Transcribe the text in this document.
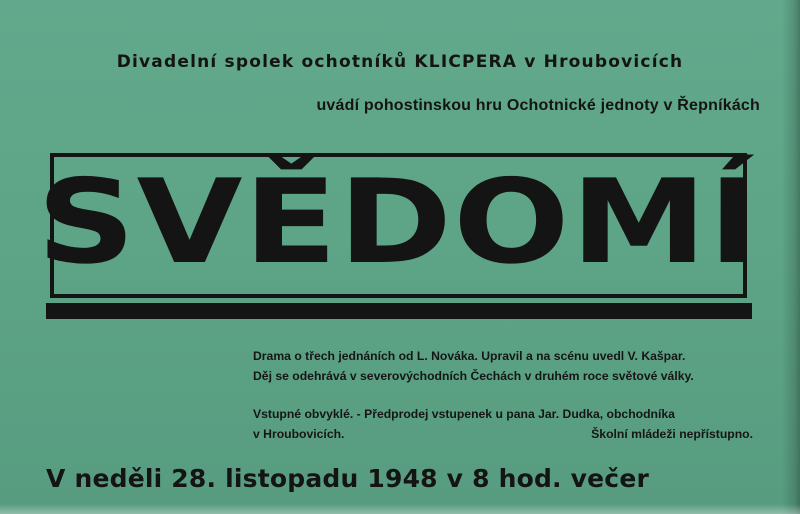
Divadelní spolek ochotníků KLICPERA v Hroubovicích
uvádí pohostinskou hru Ochotnické jednoty v Řepníkách
SVĚDOMÍ
Drama o třech jednáních od L. Nováka. Upravil a na scénu uvedl V. Kašpar.
Děj se odehrává v severovýchodních Čechách v druhém roce světové války.
Vstupné obvyklé. - Předprodej vstupenek u pana Jar. Dudka, obchodníka
v Hroubovicích.	Školní mládeži nepřístupno.
V neděli 28. listopadu 1948 v 8 hod. večer
